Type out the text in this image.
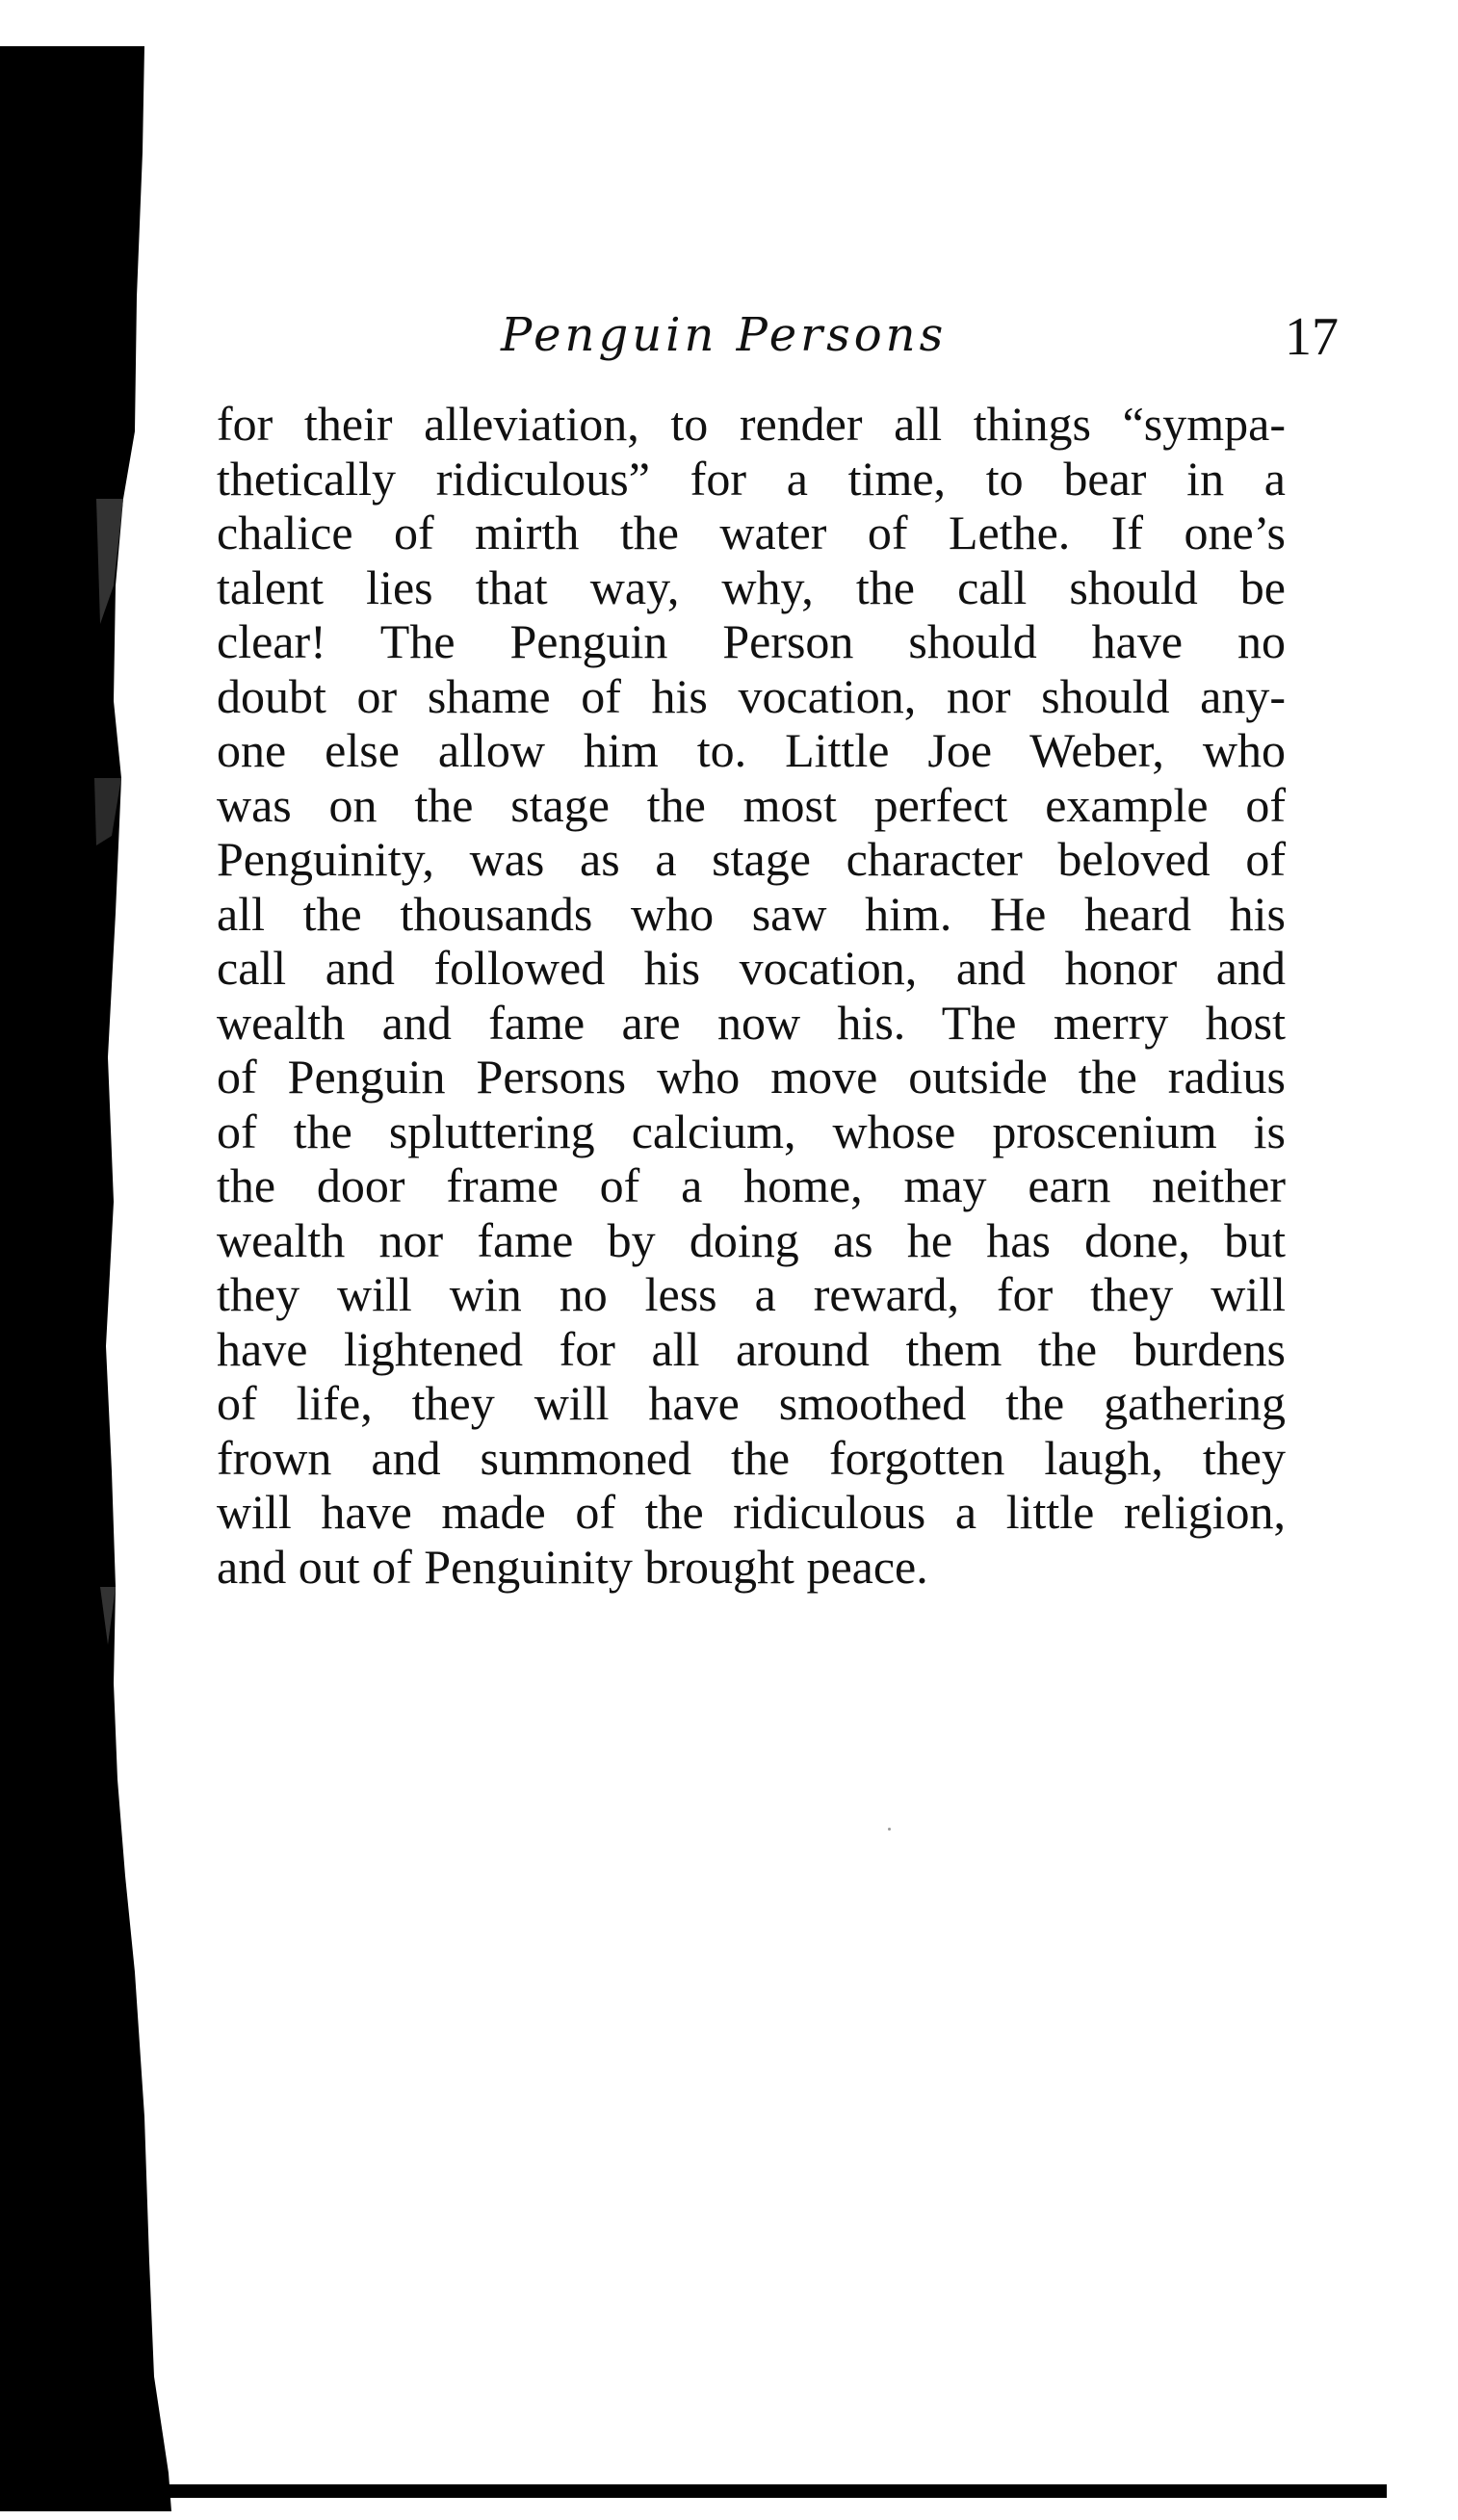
Penguin Persons	17
for their alleviation, to render all things “sympa-
thetically ridiculous” for a time, to bear in a
chalice of mirth the water of Lethe. If one’s
talent lies that way, why, the call should be
clear! The Penguin Person should have no
doubt or shame of his vocation, nor should any-
one else allow him to. Little Joe Weber, who
was on the stage the most perfect example of
Penguinity, was as a stage character beloved of
all the thousands who saw him. He heard his
call and followed his vocation, and honor and
wealth and fame are now his. The merry host
of Penguin Persons who move outside the radius
of the spluttering calcium, whose proscenium is
the door frame of a home, may earn neither
wealth nor fame by doing as he has done, but
they will win no less a reward, for they will
have lightened for all around them the burdens
of life, they will have smoothed the gathering
frown and summoned the forgotten laugh, they
will have made of the ridiculous a little religion,
and out of Penguinity brought peace.
